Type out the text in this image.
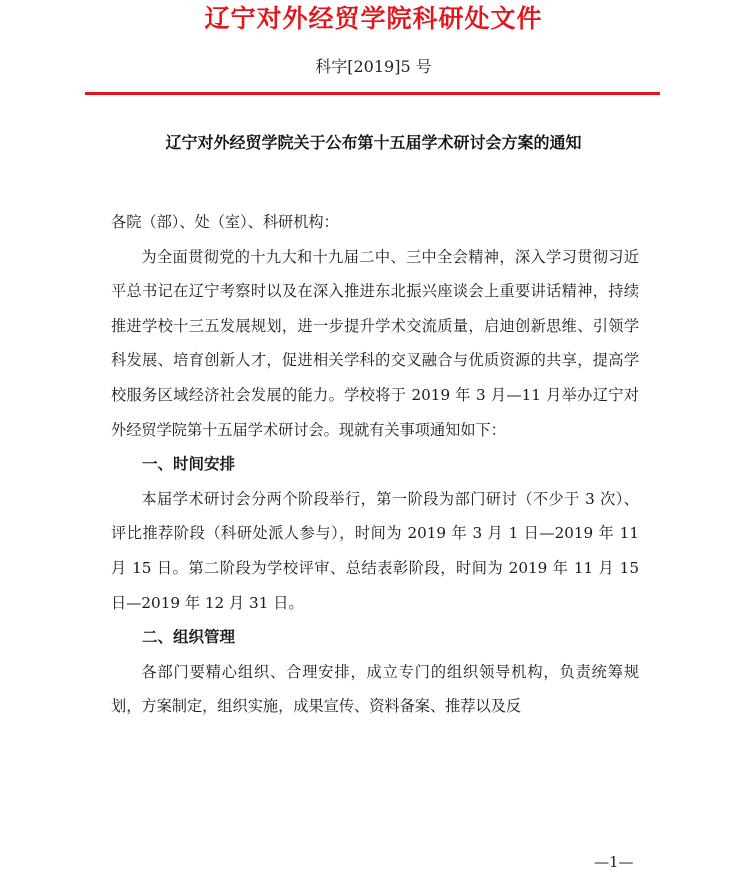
辽宁对外经贸学院科研处文件
科字[2019]5 号
辽宁对外经贸学院关于公布第十五届学术研讨会方案的通知

各院（部）、处（室）、科研机构：

为全面贯彻党的十九大和十九届二中、三中全会精神，深入学习贯彻习近平总书记在辽宁考察时以及在深入推进东北振兴座谈会上重要讲话精神，持续推进学校十三五发展规划，进一步提升学术交流质量，启迪创新思维、引领学科发展、培育创新人才，促进相关学科的交叉融合与优质资源的共享，提高学校服务区域经济社会发展的能力。学校将于 2019 年 3 月—11 月举办辽宁对外经贸学院第十五届学术研讨会。现就有关事项通知如下：

一、时间安排

本届学术研讨会分两个阶段举行，第一阶段为部门研讨（不少于 3 次）、评比推荐阶段（科研处派人参与），时间为 2019 年 3 月 1 日—2019 年 11 月 15 日。第二阶段为学校评审、总结表彰阶段，时间为 2019 年 11 月 15 日—2019 年 12 月 31 日。

二、组织管理

各部门要精心组织、合理安排，成立专门的组织领导机构，负责统筹规划，方案制定，组织实施，成果宣传、资料备案、推荐以及反

—1—
